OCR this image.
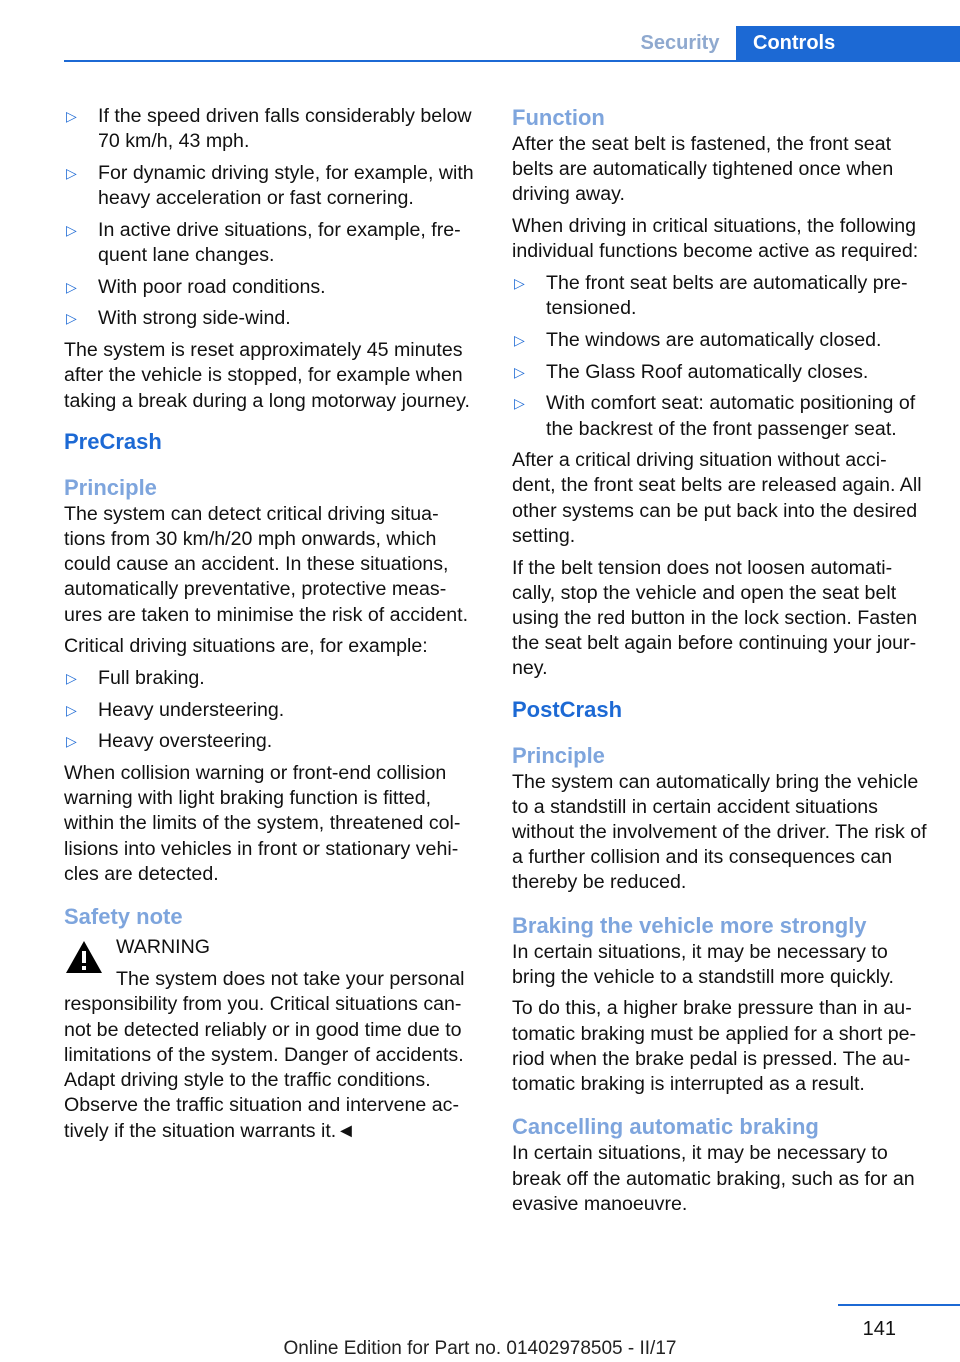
Security	Controls
▷ If the speed driven falls considerably below 70 km/h, 43 mph.
▷ For dynamic driving style, for example, with heavy acceleration or fast cornering.
▷ In active drive situations, for example, fre‐ quent lane changes.
▷ With poor road conditions.
▷ With strong side-wind.

The system is reset approximately 45 minutes after the vehicle is stopped, for example when taking a break during a long motorway journey.

PreCrash
Principle

The system can detect critical driving situa‐ tions from 30 km/h/20 mph onwards, which could cause an accident. In these situations, automatically preventative, protective meas‐ ures are taken to minimise the risk of accident.

Critical driving situations are, for example:

▷ Full braking.
▷ Heavy understeering.
▷ Heavy oversteering.

When collision warning or front-end collision warning with light braking function is fitted, within the limits of the system, threatened col‐ lisions into vehicles in front or stationary vehi‐ cles are detected.

Safety note
WARNING
The system does not take your personal
responsibility from you. Critical situations can‐ not be detected reliably or in good time due to limitations of the system. Danger of accidents. Adapt driving style to the traffic conditions. Observe the traffic situation and intervene ac‐ tively if the situation warrants it.◄
Function

After the seat belt is fastened, the front seat belts are automatically tightened once when driving away.

When driving in critical situations, the following individual functions become active as required:

▷ The front seat belts are automatically pre‐ tensioned.
▷ The windows are automatically closed.
▷ The Glass Roof automatically closes.
▷ With comfort seat: automatic positioning of the backrest of the front passenger seat.

After a critical driving situation without acci‐ dent, the front seat belts are released again. All other systems can be put back into the desired setting.

If the belt tension does not loosen automati‐ cally, stop the vehicle and open the seat belt using the red button in the lock section. Fasten the seat belt again before continuing your jour‐ ney.

PostCrash
Principle

The system can automatically bring the vehicle to a standstill in certain accident situations without the involvement of the driver. The risk of a further collision and its consequences can thereby be reduced.

Braking the vehicle more strongly

In certain situations, it may be necessary to bring the vehicle to a standstill more quickly.

To do this, a higher brake pressure than in au‐ tomatic braking must be applied for a short pe‐ riod when the brake pedal is pressed. The au‐ tomatic braking is interrupted as a result.

Cancelling automatic braking

In certain situations, it may be necessary to break off the automatic braking, such as for an evasive manoeuvre.

141
Online Edition for Part no. 01402978505 - II/17
